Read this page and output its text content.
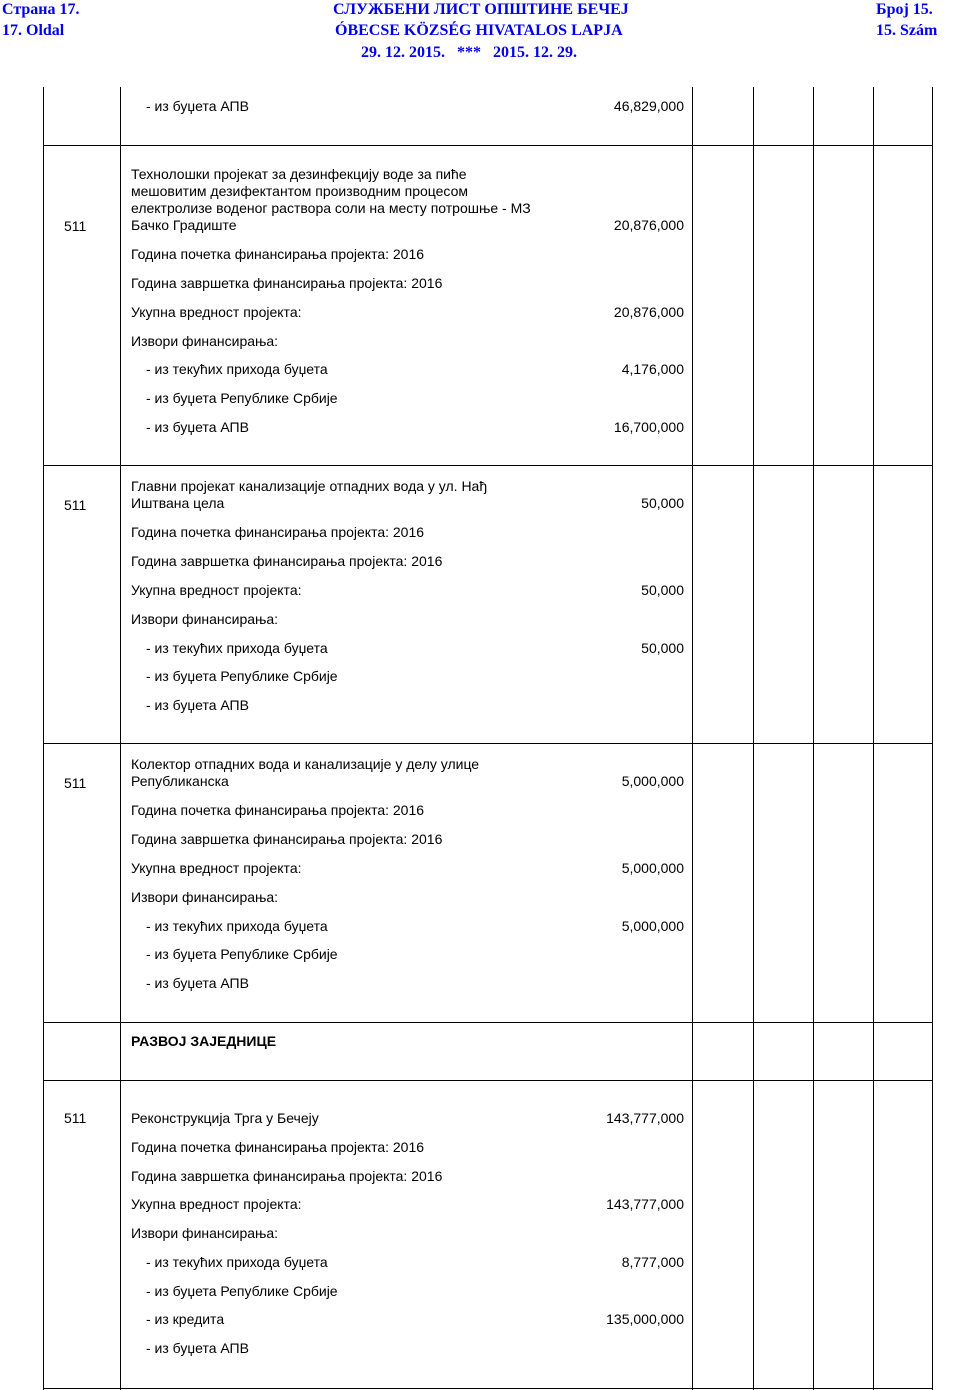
Страна 17.
17. Oldal
СЛУЖБЕНИ ЛИСТ ОПШТИНЕ БЕЧЕЈ
ÓBECSE KÖZSÉG HIVATALOS LAPJA
29. 12. 2015.   ***   2015. 12. 29.
Број 15.
15. Szám
- из буџета АПВ	46,829,000
511
Технолошки пројекат за дезинфекцију воде за пиће
мешовитим дезифектантом производним процесом
електролизе воденог раствора соли на месту потрошње - МЗ
Бачко Градиште	20,876,000
Година почетка финансирања пројекта: 2016
Година завршетка финансирања пројекта: 2016
Укупна вредност пројекта:	20,876,000
Извори финансирања:
- из текућих прихода буџета	4,176,000
- из буџета Републике Србије
- из буџета АПВ	16,700,000
511
Главни пројекат канализације отпадних вода у ул. Нађ
Иштвана цела	50,000
Година почетка финансирања пројекта: 2016
Година завршетка финансирања пројекта: 2016
Укупна вредност пројекта:	50,000
Извори финансирања:
- из текућих прихода буџета	50,000
- из буџета Републике Србије
- из буџета АПВ
511
Колектор отпадних вода и канализације у делу улице
Републиканска	5,000,000
Година почетка финансирања пројекта: 2016
Година завршетка финансирања пројекта: 2016
Укупна вредност пројекта:	5,000,000
Извори финансирања:
- из текућих прихода буџета	5,000,000
- из буџета Републике Србије
- из буџета АПВ
РАЗВОЈ ЗАЈЕДНИЦЕ
511	Реконструкција Трга у Бечеју	143,777,000
Година почетка финансирања пројекта: 2016
Година завршетка финансирања пројекта: 2016
Укупна вредност пројекта:	143,777,000
Извори финансирања:
- из текућих прихода буџета	8,777,000
- из буџета Републике Србије
- из кредита	135,000,000
- из буџета АПВ
